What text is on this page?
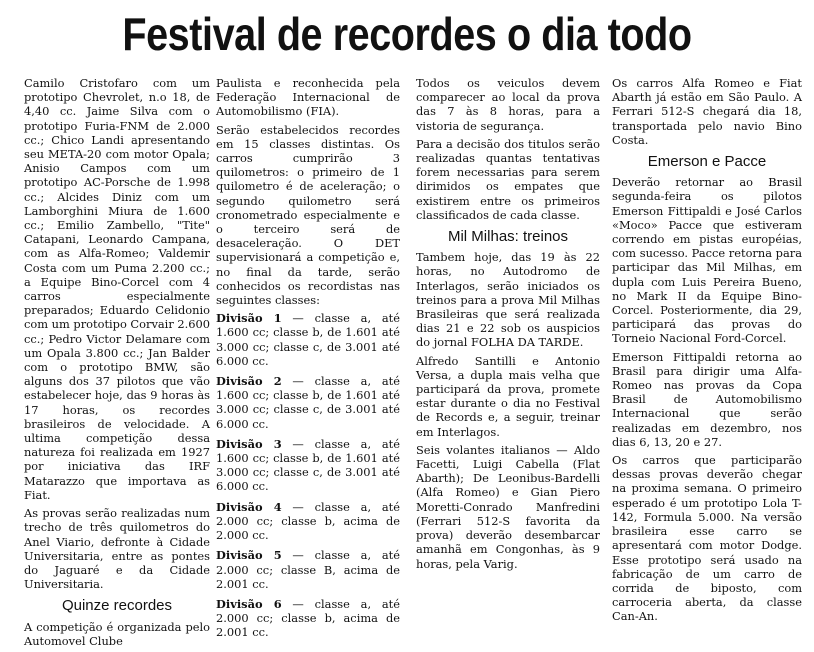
Festival de recordes o dia todo

Camilo Cristofaro com um prototipo Chevrolet, n.o 18, de 4,40 cc. Jaime Silva com o prototipo Furia-FNM de 2.000 cc.; Chico Landi apresentando seu META-20 com motor Opala; Anisio Campos com um prototipo AC-Porsche de 1.998 cc.; Alcides Diniz com um Lamborghini Miura de 1.600 cc.; Emilio Zambello, "Tite" Catapani, Leonardo Campana, com as Alfa-Romeo; Valdemir Costa com um Puma 2.200 cc.; a Equipe Bino-Corcel com 4 carros especialmente preparados; Eduardo Celidonio com um prototipo Corvair 2.600 cc.; Pedro Victor Delamare com um Opala 3.800 cc.; Jan Balder com o prototipo BMW, são alguns dos 37 pilotos que vão estabelecer hoje, das 9 horas às 17 horas, os recordes brasileiros de velocidade. A ultima competição dessa natureza foi realizada em 1927 por iniciativa das IRF Matarazzo que importava as Fiat.

As provas serão realizadas num trecho de três quilometros do Anel Viario, defronte à Cidade Universitaria, entre as pontes do Jaguaré e da Cidade Universitaria.

Quinze recordes

A competição é organizada pelo Automovel Clube

Paulista e reconhecida pela Federação Internacional de Automobilismo (FIA).

Serão estabelecidos recordes em 15 classes distintas. Os carros cumprirão 3 quilometros: o primeiro de 1 quilometro é de aceleração; o segundo quilometro será cronometrado especialmente e o terceiro será de desaceleração. O DET supervisionará a competição e, no final da tarde, serão conhecidos os recordistas nas seguintes classes:

Divisão 1 — classe a, até 1.600 cc; classe b, de 1.601 até 3.000 cc; classe c, de 3.001 até 6.000 cc.
Divisão 2 — classe a, até 1.600 cc; classe b, de 1.601 até 3.000 cc; classe c, de 3.001 até 6.000 cc.
Divisão 3 — classe a, até 1.600 cc; classe b, de 1.601 até 3.000 cc; classe c, de 3.001 até 6.000 cc.
Divisão 4 — classe a, até 2.000 cc; classe b, acima de 2.000 cc.
Divisão 5 — classe a, até 2.000 cc; classe B, acima de 2.001 cc.
Divisão 6 — classe a, até 2.000 cc; classe b, acima de 2.001 cc.

Todos os veiculos devem comparecer ao local da prova das 7 às 8 horas, para a vistoria de segurança.

Para a decisão dos titulos serão realizadas quantas tentativas forem necessarias para serem dirimidos os empates que existirem entre os primeiros classificados de cada classe.

Mil Milhas: treinos

Tambem hoje, das 19 às 22 horas, no Autodromo de Interlagos, serão iniciados os treinos para a prova Mil Milhas Brasileiras que será realizada dias 21 e 22 sob os auspicios do jornal FOLHA DA TARDE.

Alfredo Santilli e Antonio Versa, a dupla mais velha que participará da prova, promete estar durante o dia no Festival de Records e, a seguir, treinar em Interlagos.

Seis volantes italianos — Aldo Facetti, Luigi Cabella (Flat Abarth); De Leonibus-Bardelli (Alfa Romeo) e Gian Piero Moretti-Conrado Manfredini (Ferrari 512-S favorita da prova) deverão desembarcar amanhã em Congonhas, às 9 horas, pela Varig.

Os carros Alfa Romeo e Fiat Abarth já estão em São Paulo. A Ferrari 512-S chegará dia 18, transportada pelo navio Bino Costa.

Emerson e Pacce

Deverão retornar ao Brasil segunda-feira os pilotos Emerson Fittipaldi e José Carlos «Moco» Pacce que estiveram correndo em pistas européias, com sucesso. Pacce retorna para participar das Mil Milhas, em dupla com Luis Pereira Bueno, no Mark II da Equipe Bino-Corcel. Posteriormente, dia 29, participará das provas do Torneio Nacional Ford-Corcel.

Emerson Fittipaldi retorna ao Brasil para dirigir uma Alfa-Romeo nas provas da Copa Brasil de Automobilismo Internacional que serão realizadas em dezembro, nos dias 6, 13, 20 e 27.

Os carros que participarão dessas provas deverão chegar na proxima semana. O primeiro esperado é um prototipo Lola T-142, Formula 5.000. Na versão brasileira esse carro se apresentará com motor Dodge. Esse prototipo será usado na fabricação de um carro de corrida de biposto, com carroceria aberta, da classe Can-An.
